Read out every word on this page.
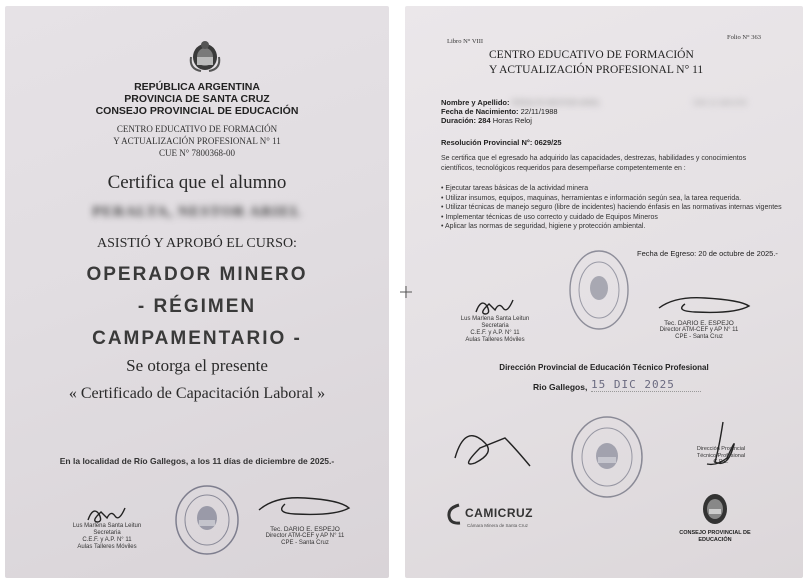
REPÚBLICA ARGENTINA
PROVINCIA DE SANTA CRUZ
CONSEJO PROVINCIAL DE EDUCACIÓN
CENTRO EDUCATIVO DE FORMACIÓN
Y ACTUALIZACIÓN PROFESIONAL N° 11
CUE N° 7800368-00
Certifica que el alumno
PERALTA, NESTOR ARIEL
ASISTIÓ Y APROBÓ EL CURSO:
OPERADOR MINERO
- RÉGIMEN
CAMPAMENTARIO -
Se otorga el presente
« Certificado de Capacitación Laboral »
En la localidad de Río Gallegos, a los 11 días de diciembre de 2025.-
Lus Marlena Santa Leitun
Secretaria
C.E.F. y A.P. N° 11
Aulas Talleres Móviles
Tec. DARIO E. ESPEJO
Director ATM-CEF y AP N° 11
CPE - Santa Cruz
Libro N° VIII
Folio N° 363
CENTRO EDUCATIVO DE FORMACIÓN
Y ACTUALIZACIÓN PROFESIONAL N° 11
Nombre y Apellido: PERALTA NESTOR ARIEL	DNI 12.345.678
Fecha de Nacimiento: 22/11/1988
Duración: 284 Horas Reloj
Resolución Provincial N°: 0629/25
Se certifica que el egresado ha adquirido las capacidades, destrezas, habilidades y conocimientos científicos, tecnológicos requeridos para desempeñarse competentemente en :
• Ejecutar tareas básicas de la actividad minera
• Utilizar insumos, equipos, maquinas, herramientas e información según sea, la tarea requerida.
• Utilizar técnicas de manejo seguro (libre de incidentes) haciendo énfasis en las normativas internas vigentes
• Implementar técnicas de uso correcto y cuidado de Equipos Mineros
• Aplicar las normas de seguridad, higiene y protección ambiental.
Fecha de Egreso: 20 de octubre de 2025.-
Lus Marlena Santa Leitun
Secretaria
C.E.F. y A.P. N° 11
Aulas Talleres Móviles
Tec. DARIO E. ESPEJO
Director ATM-CEF y AP N° 11
CPE - Santa Cruz
Dirección Provincial de Educación Técnico Profesional
Rio Gallegos, 15 DIC 2025
CAMICRUZ
Cámara Minera de Santa Cruz
Dirección Provincial
Técnico Profesional
C.P.E.
CONSEJO PROVINCIAL DE EDUCACIÓN
